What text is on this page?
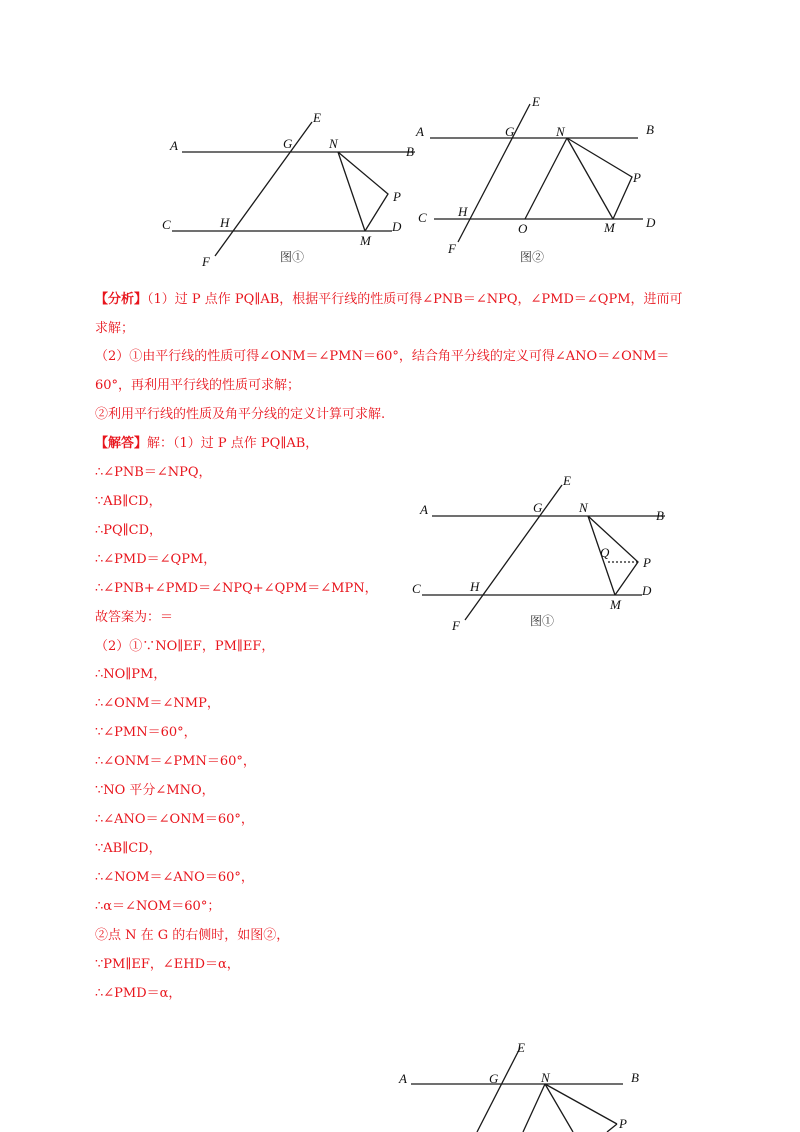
A	B
C	D
E
F
G
H
N
P
M
图①
A	B
C	D
E
F
G
H
N
P
M
O
图②
A	B
C	D
E
F
G
H
N
P
M
Q
图①
A	B
E
G	N
P
【分析】（1）过 P 点作 PQ∥AB，根据平行线的性质可得∠PNB＝∠NPQ，∠PMD＝∠QPM，进而可
求解；
（2）①由平行线的性质可得∠ONM＝∠PMN＝60°，结合角平分线的定义可得∠ANO＝∠ONM＝
60°，再利用平行线的性质可求解；
②利用平行线的性质及角平分线的定义计算可求解.
【解答】解：（1）过 P 点作 PQ∥AB，
∴∠PNB＝∠NPQ，
∵AB∥CD，
∴PQ∥CD，
∴∠PMD＝∠QPM，
∴∠PNB+∠PMD＝∠NPQ+∠QPM＝∠MPN，
故答案为：＝
（2）①∵NO∥EF，PM∥EF，
∴NO∥PM，
∴∠ONM＝∠NMP，
∵∠PMN＝60°，
∴∠ONM＝∠PMN＝60°，
∵NO 平分∠MNO，
∴∠ANO＝∠ONM＝60°，
∵AB∥CD，
∴∠NOM＝∠ANO＝60°，
∴α＝∠NOM＝60°；
②点 N 在 G 的右侧时，如图②，
∵PM∥EF，∠EHD＝α，
∴∠PMD＝α，
